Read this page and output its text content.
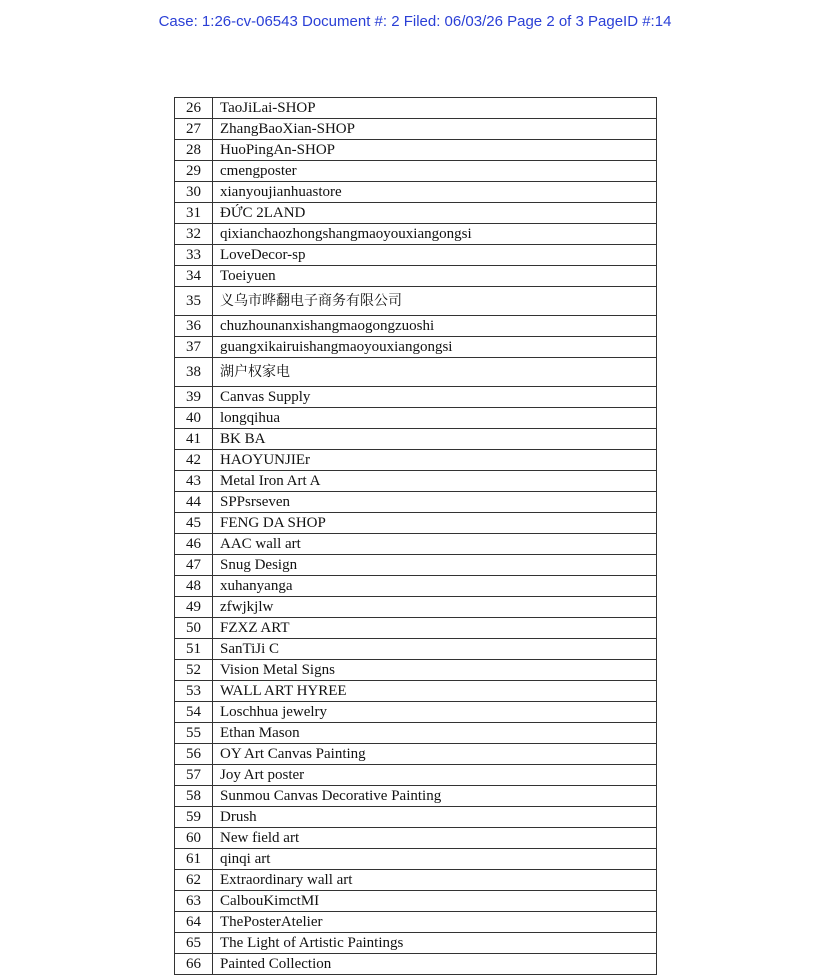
Case: 1:26-cv-06543 Document #: 2 Filed: 06/03/26 Page 2 of 3 PageID #:14
26	TaoJiLai-SHOP
27	ZhangBaoXian-SHOP
28	HuoPingAn-SHOP
29	cmengposter
30	xianyoujianhuastore
31	ĐỨC 2LAND
32	qixianchaozhongshangmaoyouxiangongsi
33	LoveDecor-sp
34	Toeiyuen
35	义乌市晔翻电子商务有限公司
36	chuzhounanxishangmaogongzuoshi
37	guangxikairuishangmaoyouxiangongsi
38	湖户权家电
39	Canvas Supply
40	longqihua
41	BK BA
42	HAOYUNJIEr
43	Metal Iron Art A
44	SPPsrseven
45	FENG DA SHOP
46	AAC wall art
47	Snug Design
48	xuhanyanga
49	zfwjkjlw
50	FZXZ ART
51	SanTiJi C
52	Vision Metal Signs
53	WALL ART HYREE
54	Loschhua jewelry
55	Ethan Mason
56	OY Art Canvas Painting
57	Joy Art poster
58	Sunmou Canvas Decorative Painting
59	Drush
60	New field art
61	qinqi art
62	Extraordinary wall art
63	CalbouKimctMI
64	ThePosterAtelier
65	The Light of Artistic Paintings
66	Painted Collection
